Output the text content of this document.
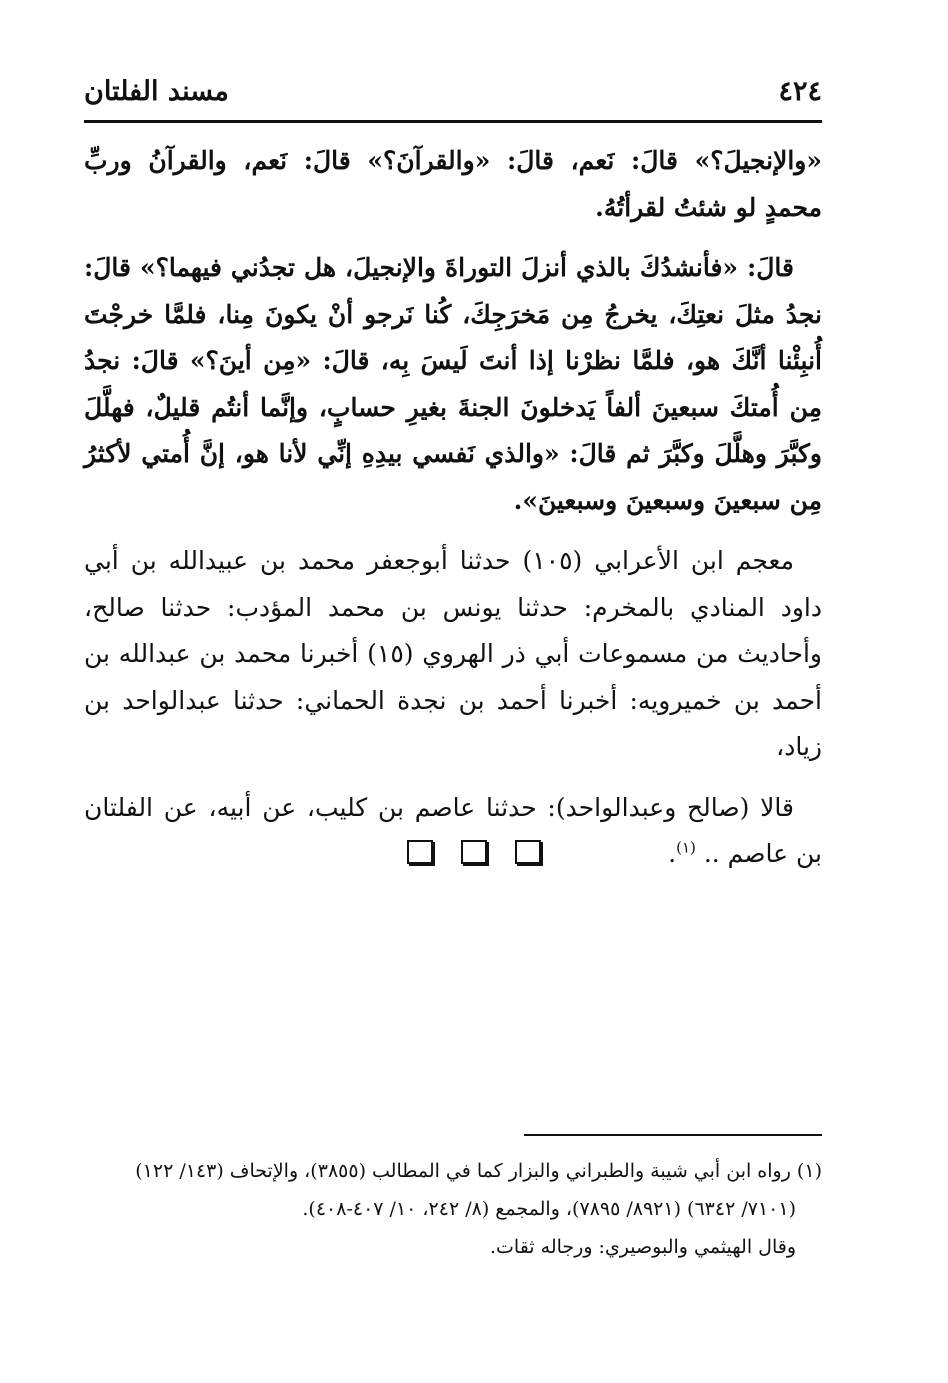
٤٢٤
مسند الفلتان

«والإنجيلَ؟» قالَ: نَعم، قالَ: «والقرآنَ؟» قالَ: نَعم، والقرآنُ وربِّ محمدٍ لو شئتُ لقرأتُهُ.

قالَ: «فأنشدُكَ بالذي أنزلَ التوراةَ والإنجيلَ، هل تجدُني فيهما؟» قالَ: نجدُ مثلَ نعتِكَ، يخرجُ مِن مَخرَجِكَ، كُنا نَرجو أنْ يكونَ مِنا، فلمَّا خرجْتَ أُنبِئْنا أنَّكَ هو، فلمَّا نظرْنا إذا أنتَ لَيسَ بِه، قالَ: «مِن أينَ؟» قالَ: نجدُ مِن أُمتكَ سبعينَ ألفاً يَدخلونَ الجنةَ بغيرِ حسابٍ، وإنَّما أنتُم قليلٌ، فهلَّلَ وكبَّرَ وهلَّلَ وكبَّرَ ثم قالَ: «والذي نَفسي بيدِهِ إنِّي لأنا هو، إنَّ أُمتي لأكثرُ مِن سبعينَ وسبعينَ وسبعينَ».

معجم ابن الأعرابي (١٠٥) حدثنا أبوجعفر محمد بن عبيدالله بن أبي داود المنادي بالمخرم: حدثنا يونس بن محمد المؤدب: حدثنا صالح، وأحاديث من مسموعات أبي ذر الهروي (١٥) أخبرنا محمد بن عبدالله بن أحمد بن خميرويه: أخبرنا أحمد بن نجدة الحماني: حدثنا عبدالواحد بن زياد،

قالا (صالح وعبدالواحد): حدثنا عاصم بن كليب، عن أبيه، عن الفلتان بن عاصم .. $^{(١)}$.

(١) رواه ابن أبي شيبة والطبراني والبزار كما في المطالب (٣٨٥٥)، والإتحاف (١٤٣/ ١٢٢)

(٧١٠١/ ٦٣٤٢) (٨٩٢١/ ٧٨٩٥)، والمجمع (٨/ ٢٤٢، ١٠/ ٤٠٧-٤٠٨).

وقال الهيثمي والبوصيري: ورجاله ثقات.
